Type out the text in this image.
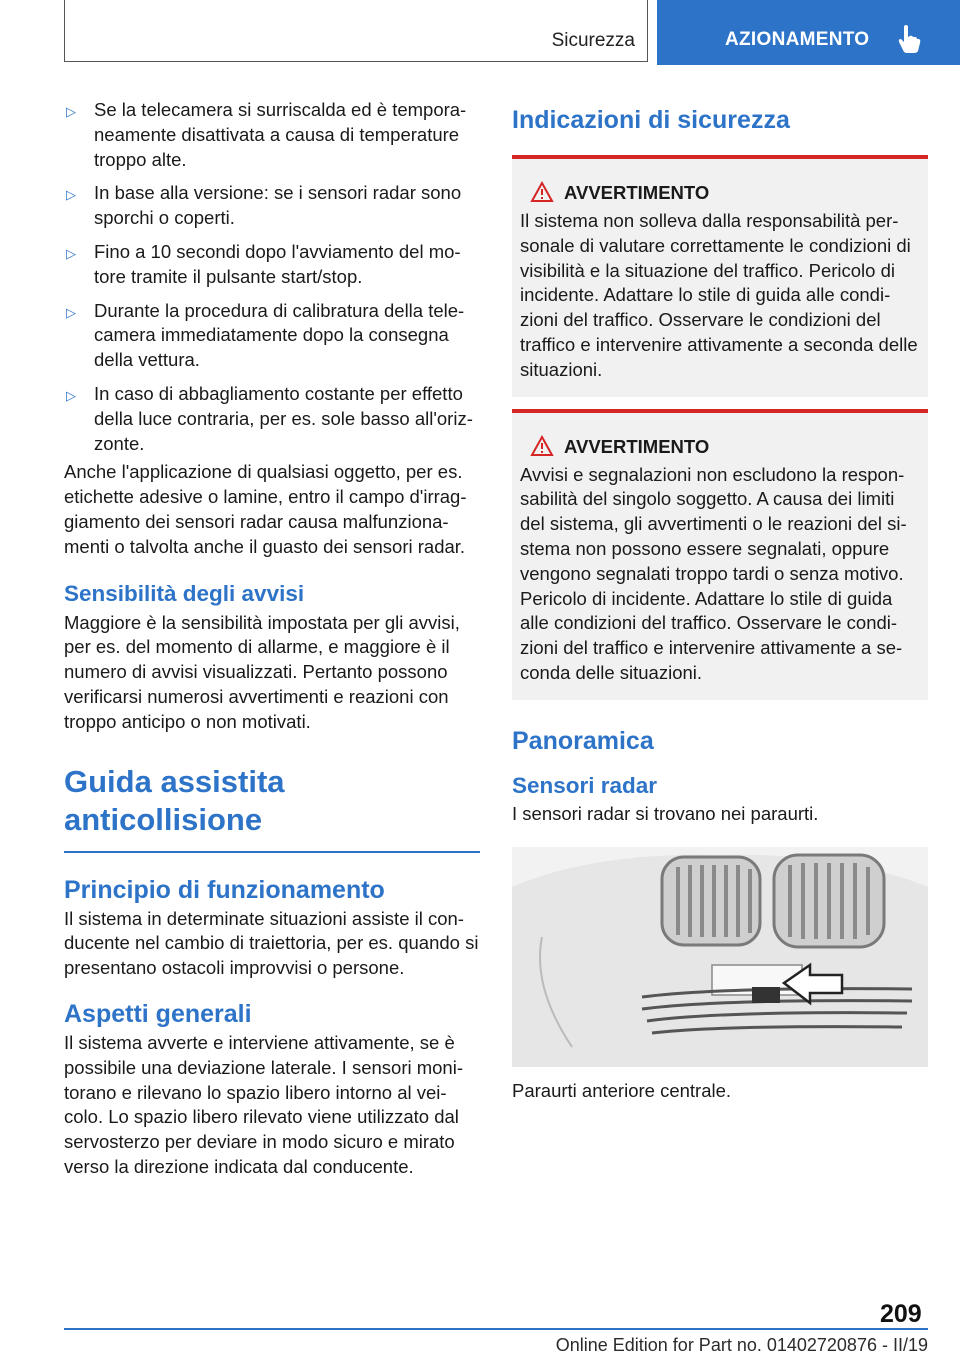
Sicurezza	AZIONAMENTO
▷ Se la telecamera si surriscalda ed è tempora- neamente disattivata a causa di temperature troppo alte.
▷ In base alla versione: se i sensori radar sono sporchi o coperti.
▷ Fino a 10 secondi dopo l'avviamento del mo- tore tramite il pulsante start/stop.
▷ Durante la procedura di calibratura della tele- camera immediatamente dopo la consegna della vettura.
▷ In caso di abbagliamento costante per effetto della luce contraria, per es. sole basso all'oriz- zonte.

Anche l'applicazione di qualsiasi oggetto, per es. etichette adesive o lamine, entro il campo d'irrag- giamento dei sensori radar causa malfunziona- menti o talvolta anche il guasto dei sensori radar.

Sensibilità degli avvisi

Maggiore è la sensibilità impostata per gli avvisi, per es. del momento di allarme, e maggiore è il numero di avvisi visualizzati. Pertanto possono verificarsi numerosi avvertimenti e reazioni con troppo anticipo o non motivati.

Guida assistita anticollisione
Principio di funzionamento

Il sistema in determinate situazioni assiste il con- ducente nel cambio di traiettoria, per es. quando si presentano ostacoli improvvisi o persone.

Aspetti generali

Il sistema avverte e interviene attivamente, se è possibile una deviazione laterale. I sensori moni- torano e rilevano lo spazio libero intorno al vei- colo. Lo spazio libero rilevato viene utilizzato dal servosterzo per deviare in modo sicuro e mirato verso la direzione indicata dal conducente.

Indicazioni di sicurezza
AVVERTIMENTO

Il sistema non solleva dalla responsabilità per- sonale di valutare correttamente le condizioni di visibilità e la situazione del traffico. Pericolo di incidente. Adattare lo stile di guida alle condi- zioni del traffico. Osservare le condizioni del traffico e intervenire attivamente a seconda delle situazioni.

AVVERTIMENTO

Avvisi e segnalazioni non escludono la respon- sabilità del singolo soggetto. A causa dei limiti del sistema, gli avvertimenti o le reazioni del si- stema non possono essere segnalati, oppure vengono segnalati troppo tardi o senza motivo. Pericolo di incidente. Adattare lo stile di guida alle condizioni del traffico. Osservare le condi- zioni del traffico e intervenire attivamente a se- conda delle situazioni.

Panoramica
Sensori radar

I sensori radar si trovano nei paraurti.

Paraurti anteriore centrale.

209
Online Edition for Part no. 01402720876 - II/19
